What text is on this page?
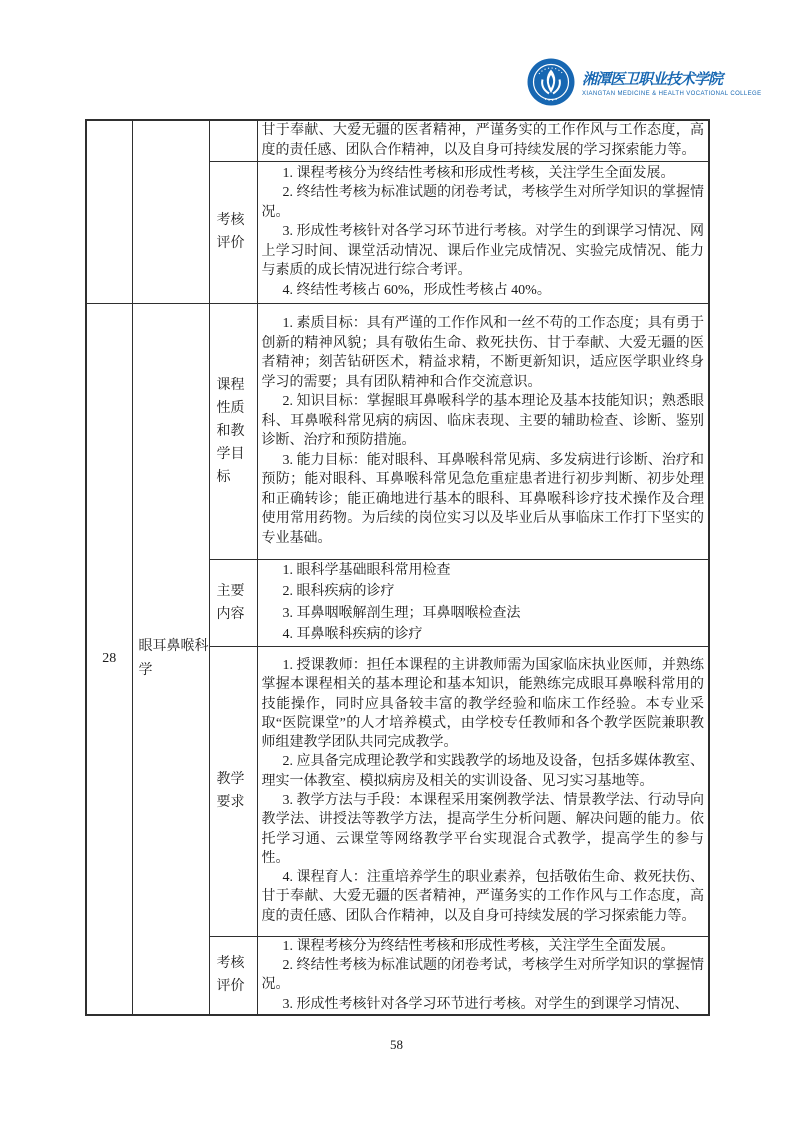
湘潭医卫职业技术学院
XIANGTAN MEDICINE & HEALTH VOCATIONAL COLLEGE

			甘于奉献、大爱无疆的医者精神，严谨务实的工作作风与工作态度，高度的责任感、团队合作精神，以及自身可持续发展的学习探索能力等。

		考核评价	1. 课程考核分为终结性考核和形成性考核，关注学生全面发展。

2. 终结性考核为标准试题的闭卷考试，考核学生对所学知识的掌握情况。

3. 形成性考核针对各学习环节进行考核。对学生的到课学习情况、网上学习时间、课堂活动情况、课后作业完成情况、实验完成情况、能力与素质的成长情况进行综合考评。

4. 终结性考核占 60%，形成性考核占 40%。

28	眼耳鼻喉科学	课程性质和教学目标	1. 素质目标：具有严谨的工作作风和一丝不苟的工作态度；具有勇于创新的精神风貌；具有敬佑生命、救死扶伤、甘于奉献、大爱无疆的医者精神；刻苦钻研医术，精益求精，不断更新知识，适应医学职业终身学习的需要；具有团队精神和合作交流意识。

2. 知识目标：掌握眼耳鼻喉科学的基本理论及基本技能知识；熟悉眼科、耳鼻喉科常见病的病因、临床表现、主要的辅助检查、诊断、鉴别诊断、治疗和预防措施。

3. 能力目标：能对眼科、耳鼻喉科常见病、多发病进行诊断、治疗和预防；能对眼科、耳鼻喉科常见急危重症患者进行初步判断、初步处理和正确转诊；能正确地进行基本的眼科、耳鼻喉科诊疗技术操作及合理使用常用药物。为后续的岗位实习以及毕业后从事临床工作打下坚实的专业基础。

		主要内容	1. 眼科学基础眼科常用检查

2. 眼科疾病的诊疗

3. 耳鼻咽喉解剖生理；耳鼻咽喉检查法

4. 耳鼻喉科疾病的诊疗

		教学要求	1. 授课教师：担任本课程的主讲教师需为国家临床执业医师，并熟练掌握本课程相关的基本理论和基本知识，能熟练完成眼耳鼻喉科常用的技能操作，同时应具备较丰富的教学经验和临床工作经验。本专业采取“医院课堂”的人才培养模式，由学校专任教师和各个教学医院兼职教师组建教学团队共同完成教学。

2. 应具备完成理论教学和实践教学的场地及设备，包括多媒体教室、理实一体教室、模拟病房及相关的实训设备、见习实习基地等。

3. 教学方法与手段：本课程采用案例教学法、情景教学法、行动导向教学法、讲授法等教学方法，提高学生分析问题、解决问题的能力。依托学习通、云课堂等网络教学平台实现混合式教学，提高学生的参与性。

4. 课程育人：注重培养学生的职业素养，包括敬佑生命、救死扶伤、甘于奉献、大爱无疆的医者精神，严谨务实的工作作风与工作态度，高度的责任感、团队合作精神，以及自身可持续发展的学习探索能力等。

		考核评价	1. 课程考核分为终结性考核和形成性考核，关注学生全面发展。

2. 终结性考核为标准试题的闭卷考试，考核学生对所学知识的掌握情况。

3. 形成性考核针对各学习环节进行考核。对学生的到课学习情况、

58
